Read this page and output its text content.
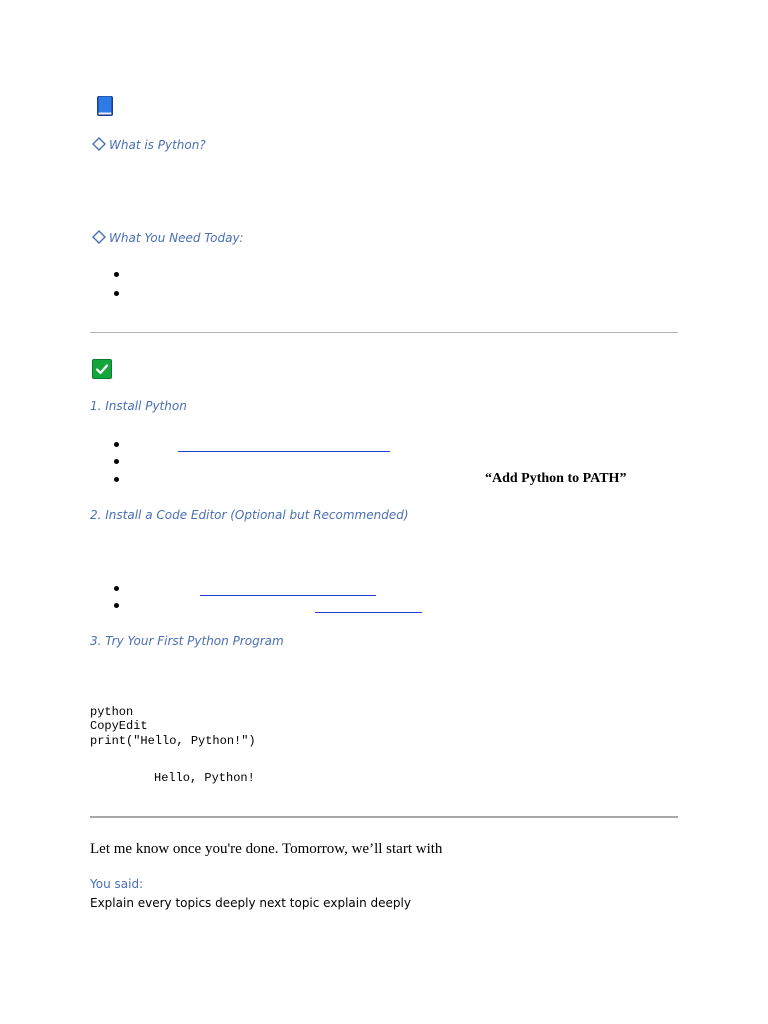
What is Python?
What You Need Today:
1. Install Python
“Add Python to PATH”
2. Install a Code Editor (Optional but Recommended)
3. Try Your First Python Program
python
CopyEdit
print("Hello, Python!")
Hello, Python!
Let me know once you're done. Tomorrow, we’ll start with
You said:
Explain every topics deeply next topic explain deeply
